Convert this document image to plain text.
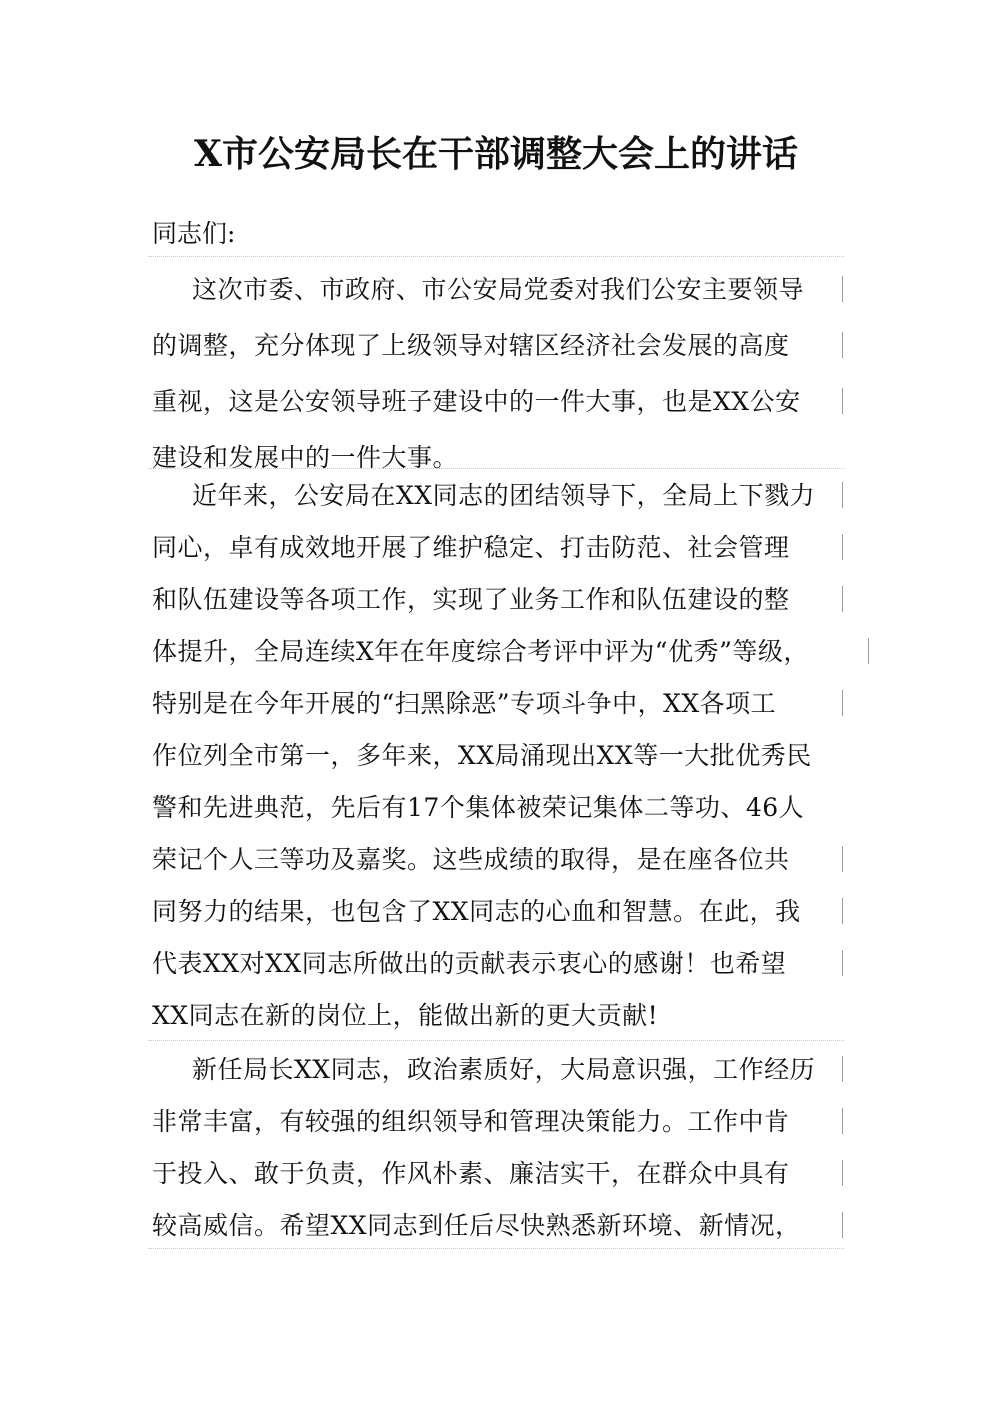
X市公安局长在干部调整大会上的讲话
同志们:
这次市委、市政府、市公安局党委对我们公安主要领导
的调整，充分体现了上级领导对辖区经济社会发展的高度
重视，这是公安领导班子建设中的一件大事，也是XX公安
建设和发展中的一件大事。
近年来，公安局在XX同志的团结领导下，全局上下戮力
同心，卓有成效地开展了维护稳定、打击防范、社会管理
和队伍建设等各项工作，实现了业务工作和队伍建设的整
体提升，全局连续X年在年度综合考评中评为“优秀”等级，
特别是在今年开展的“扫黑除恶”专项斗争中，XX各项工
作位列全市第一，多年来，XX局涌现出XX等一大批优秀民
警和先进典范，先后有17个集体被荣记集体二等功、46人
荣记个人三等功及嘉奖。这些成绩的取得，是在座各位共
同努力的结果，也包含了XX同志的心血和智慧。在此，我
代表XX对XX同志所做出的贡献表示衷心的感谢！也希望
XX同志在新的岗位上，能做出新的更大贡献!
新任局长XX同志，政治素质好，大局意识强，工作经历
非常丰富，有较强的组织领导和管理决策能力。工作中肯
于投入、敢于负责，作风朴素、廉洁实干，在群众中具有
较高威信。希望XX同志到任后尽快熟悉新环境、新情况，
